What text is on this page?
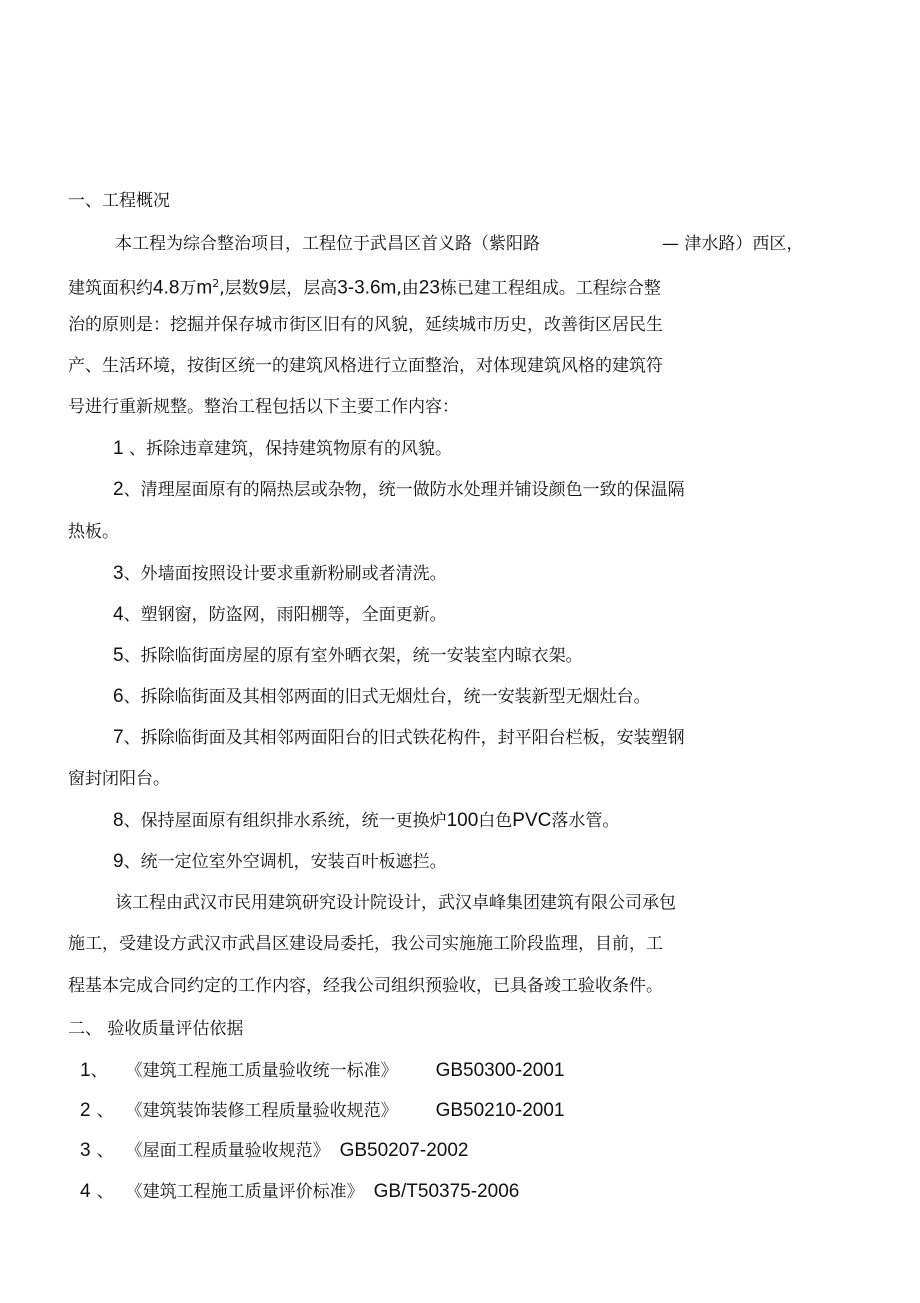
一、工程概况
本工程为综合整治项目，工程位于武昌区首义路（紫阳路	— 津水路）西区，
建筑面积约4.8万$m^2$,层数9层，层高3-3.6m,由23栋已建工程组成。工程综合整
治的原则是：挖掘并保存城市街区旧有的风貌，延续城市历史，改善街区居民生
产、生活环境，按街区统一的建筑风格进行立面整治，对体现建筑风格的建筑符
号进行重新规整。整治工程包括以下主要工作内容：
1 、拆除违章建筑，保持建筑物原有的风貌。
2、清理屋面原有的隔热层或杂物，统一做防水处理并铺设颜色一致的保温隔
热板。
3、外墙面按照设计要求重新粉刷或者清洗。
4、塑钢窗，防盗网，雨阳棚等，全面更新。
5、拆除临街面房屋的原有室外晒衣架，统一安装室内晾衣架。
6、拆除临街面及其相邻两面的旧式无烟灶台，统一安装新型无烟灶台。
7、拆除临街面及其相邻两面阳台的旧式铁花构件，封平阳台栏板，安装塑钢
窗封闭阳台。
8、保持屋面原有组织排水系统，统一更换炉100白色PVC落水管。
9、统一定位室外空调机，安装百叶板遮拦。
该工程由武汉市民用建筑研究设计院设计，武汉卓峰集团建筑有限公司承包
施工，受建设方武汉市武昌区建设局委托，我公司实施施工阶段监理，目前，工
程基本完成合同约定的工作内容，经我公司组织预验收，已具备竣工验收条件。
二、 验收质量评估依据
1、 《建筑工程施工质量验收统一标准》 GB50300-2001
2 、 《建筑装饰装修工程质量验收规范》 GB50210-2001
3 、 《屋面工程质量验收规范》 GB50207-2002
4 、 《建筑工程施工质量评价标准》 GB/T50375-2006
